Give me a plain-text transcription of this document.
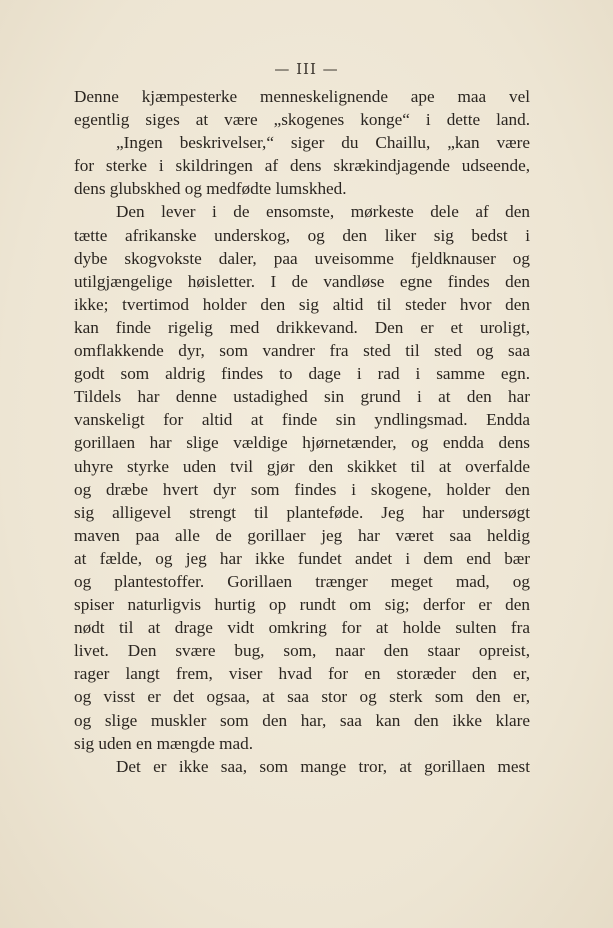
— III —
Denne kjæmpesterke menneskelignende ape maa vel
egentlig siges at være „skogenes konge“ i dette land.
„Ingen beskrivelser,“ siger du Chaillu, „kan være
for sterke i skildringen af dens skrækindjagende udseende,
dens glubskhed og medfødte lumskhed.
Den lever i de ensomste, mørkeste dele af den
tætte afrikanske underskog, og den liker sig bedst i
dybe skogvokste daler, paa uveisomme fjeldknauser og
utilgjængelige høisletter. I de vandløse egne findes den
ikke; tvertimod holder den sig altid til steder hvor den
kan finde rigelig med drikkevand. Den er et uroligt,
omflakkende dyr, som vandrer fra sted til sted og saa
godt som aldrig findes to dage i rad i samme egn.
Tildels har denne ustadighed sin grund i at den har
vanskeligt for altid at finde sin yndlingsmad. Endda
gorillaen har slige vældige hjørnetænder, og endda dens
uhyre styrke uden tvil gjør den skikket til at overfalde
og dræbe hvert dyr som findes i skogene, holder den
sig alligevel strengt til planteføde. Jeg har undersøgt
maven paa alle de gorillaer jeg har været saa heldig
at fælde, og jeg har ikke fundet andet i dem end bær
og plantestoffer. Gorillaen trænger meget mad, og
spiser naturligvis hurtig op rundt om sig; derfor er den
nødt til at drage vidt omkring for at holde sulten fra
livet. Den svære bug, som, naar den staar opreist,
rager langt frem, viser hvad for en storæder den er,
og visst er det ogsaa, at saa stor og sterk som den er,
og slige muskler som den har, saa kan den ikke klare
sig uden en mængde mad.
Det er ikke saa, som mange tror, at gorillaen mest
